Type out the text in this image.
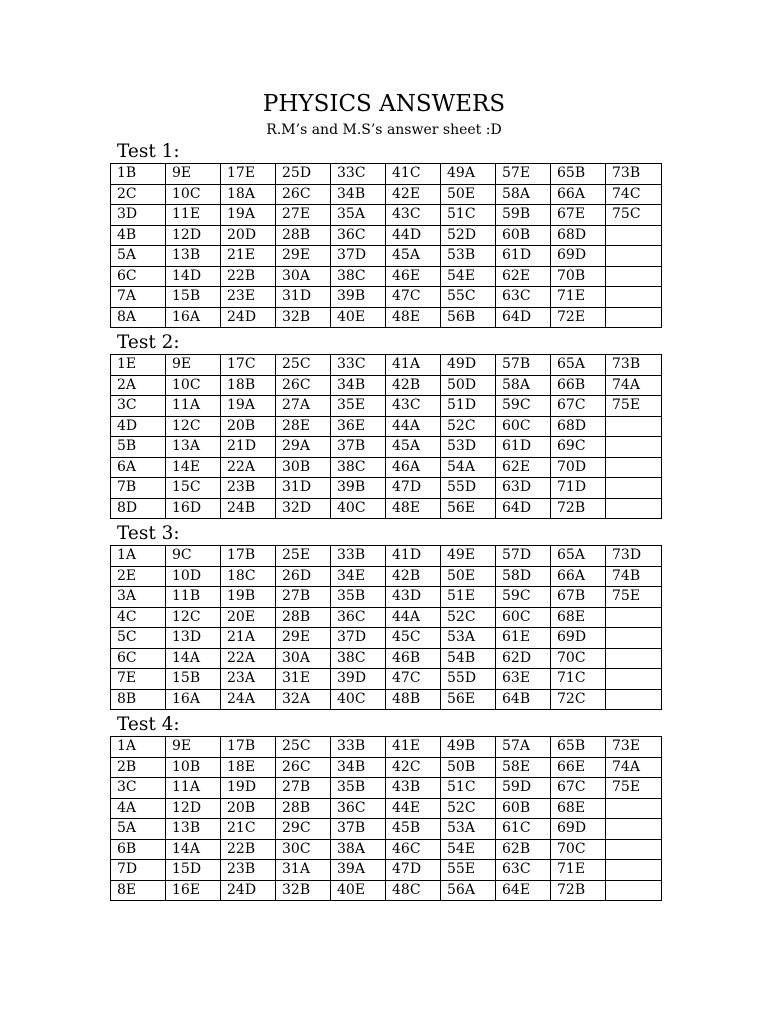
PHYSICS ANSWERS
R.M’s and M.S’s answer sheet :D
Test 1:
1B	9E	17E	25D	33C	41C	49A	57E	65B	73B
2C	10C	18A	26C	34B	42E	50E	58A	66A	74C
3D	11E	19A	27E	35A	43C	51C	59B	67E	75C
4B	12D	20D	28B	36C	44D	52D	60B	68D	
5A	13B	21E	29E	37D	45A	53B	61D	69D	
6C	14D	22B	30A	38C	46E	54E	62E	70B	
7A	15B	23E	31D	39B	47C	55C	63C	71E	
8A	16A	24D	32B	40E	48E	56B	64D	72E	
Test 2:
1E	9E	17C	25C	33C	41A	49D	57B	65A	73B
2A	10C	18B	26C	34B	42B	50D	58A	66B	74A
3C	11A	19A	27A	35E	43C	51D	59C	67C	75E
4D	12C	20B	28E	36E	44A	52C	60C	68D	
5B	13A	21D	29A	37B	45A	53D	61D	69C	
6A	14E	22A	30B	38C	46A	54A	62E	70D	
7B	15C	23B	31D	39B	47D	55D	63D	71D	
8D	16D	24B	32D	40C	48E	56E	64D	72B	
Test 3:
1A	9C	17B	25E	33B	41D	49E	57D	65A	73D
2E	10D	18C	26D	34E	42B	50E	58D	66A	74B
3A	11B	19B	27B	35B	43D	51E	59C	67B	75E
4C	12C	20E	28B	36C	44A	52C	60C	68E	
5C	13D	21A	29E	37D	45C	53A	61E	69D	
6C	14A	22A	30A	38C	46B	54B	62D	70C	
7E	15B	23A	31E	39D	47C	55D	63E	71C	
8B	16A	24A	32A	40C	48B	56E	64B	72C	
Test 4:
1A	9E	17B	25C	33B	41E	49B	57A	65B	73E
2B	10B	18E	26C	34B	42C	50B	58E	66E	74A
3C	11A	19D	27B	35B	43B	51C	59D	67C	75E
4A	12D	20B	28B	36C	44E	52C	60B	68E	
5A	13B	21C	29C	37B	45B	53A	61C	69D	
6B	14A	22B	30C	38A	46C	54E	62B	70C	
7D	15D	23B	31A	39A	47D	55E	63C	71E	
8E	16E	24D	32B	40E	48C	56A	64E	72B	
